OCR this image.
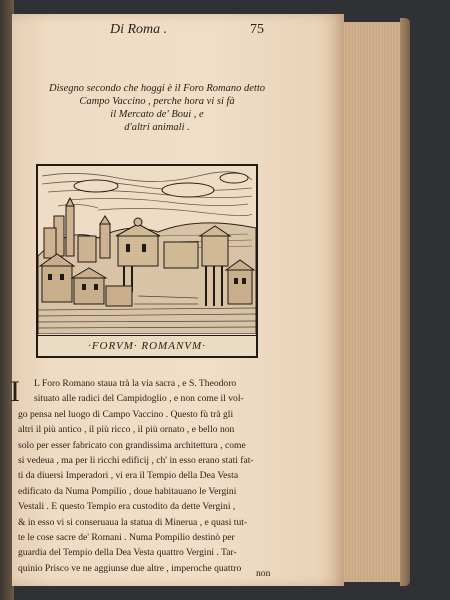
Di Roma .	75
Disegno secondo che hoggi è il Foro Romano detto
Campo Vaccino , perche hora vi si fà
il Mercato de' Boui , e
d'altri animali .
·FORVM· ROMANVM·
I	L Foro Romano staua trà la via sacra , e S. Theodoro
situato alle radici del Campidoglio , e non come il vol-
go pensa nel luogo di Campo Vaccino . Questo fù trà gli
altri il più antico , il più ricco , il più ornato , e bello non
solo per esser fabricato con grandissima architettura , come
si vedeua , ma per li ricchi edificij , ch' in esso erano stati fat-
ti da diuersi Imperadori , vi era il Tempio della Dea Vesta
edificato da Numa Pompilio , doue habitauano le Vergini
Vestali . E questo Tempio era custodito da dette Vergini ,
& in esso vi si conseruaua la statua di Minerua , e quasi tut-
te le cose sacre de' Romani . Numa Pompilio destinò per
guardia del Tempio della Dea Vesta quattro Vergini . Tar-
quinio Prisco ve ne aggiunse due altre , imperoche quattro	non
